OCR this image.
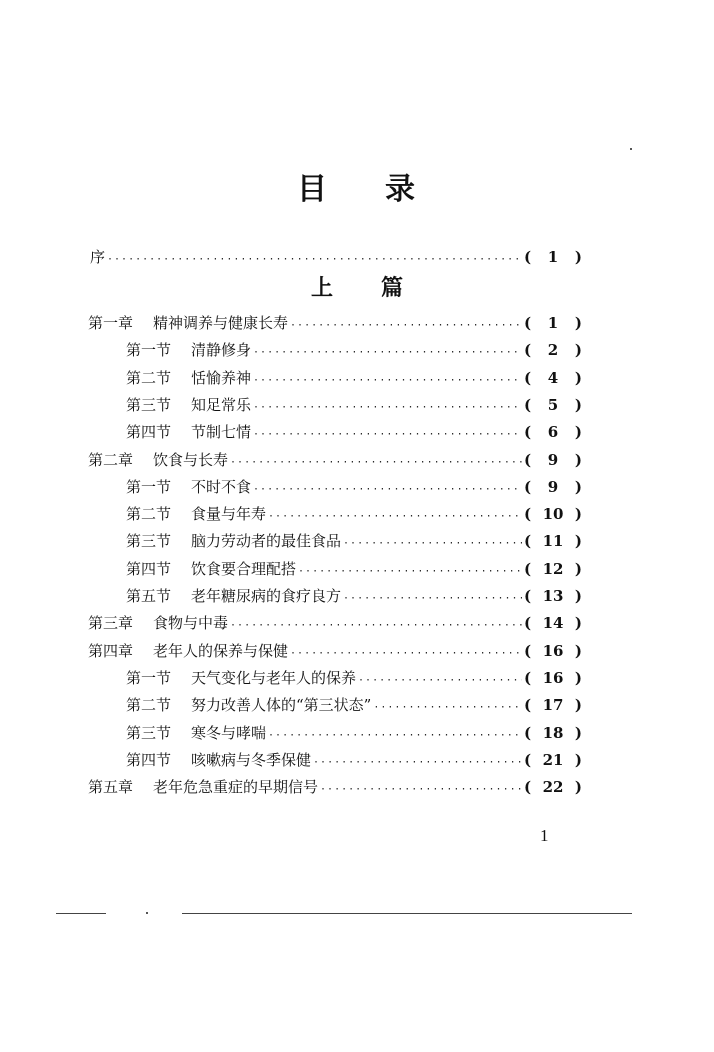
目 录
序 ·····	(	1	)
上 篇
第一章 精神调养与健康长寿 ·····	(	1	)
第一节 清静修身 ·····	(	2	)
第二节 恬愉养神 ·····	(	4	)
第三节 知足常乐 ·····	(	5	)
第四节 节制七情 ·····	(	6	)
第二章 饮食与长寿 ·····	(	9	)
第一节 不时不食 ·····	(	9	)
第二节 食量与年寿 ·····	( 10 )
第三节 脑力劳动者的最佳食品 ·····	( 11 )
第四节 饮食要合理配搭 ·····	( 12 )
第五节 老年糖尿病的食疗良方 ·····	( 13 )
第三章 食物与中毒 ·····	( 14 )
第四章 老年人的保养与保健 ·····	( 16 )
第一节 天气变化与老年人的保养 ·····	( 16 )
第二节 努力改善人体的“第三状态” ·····	( 17 )
第三节 寒冬与哮喘 ·····	( 18 )
第四节 咳嗽病与冬季保健 ·····	( 21 )
第五章 老年危急重症的早期信号 ·····	( 22 )
1
